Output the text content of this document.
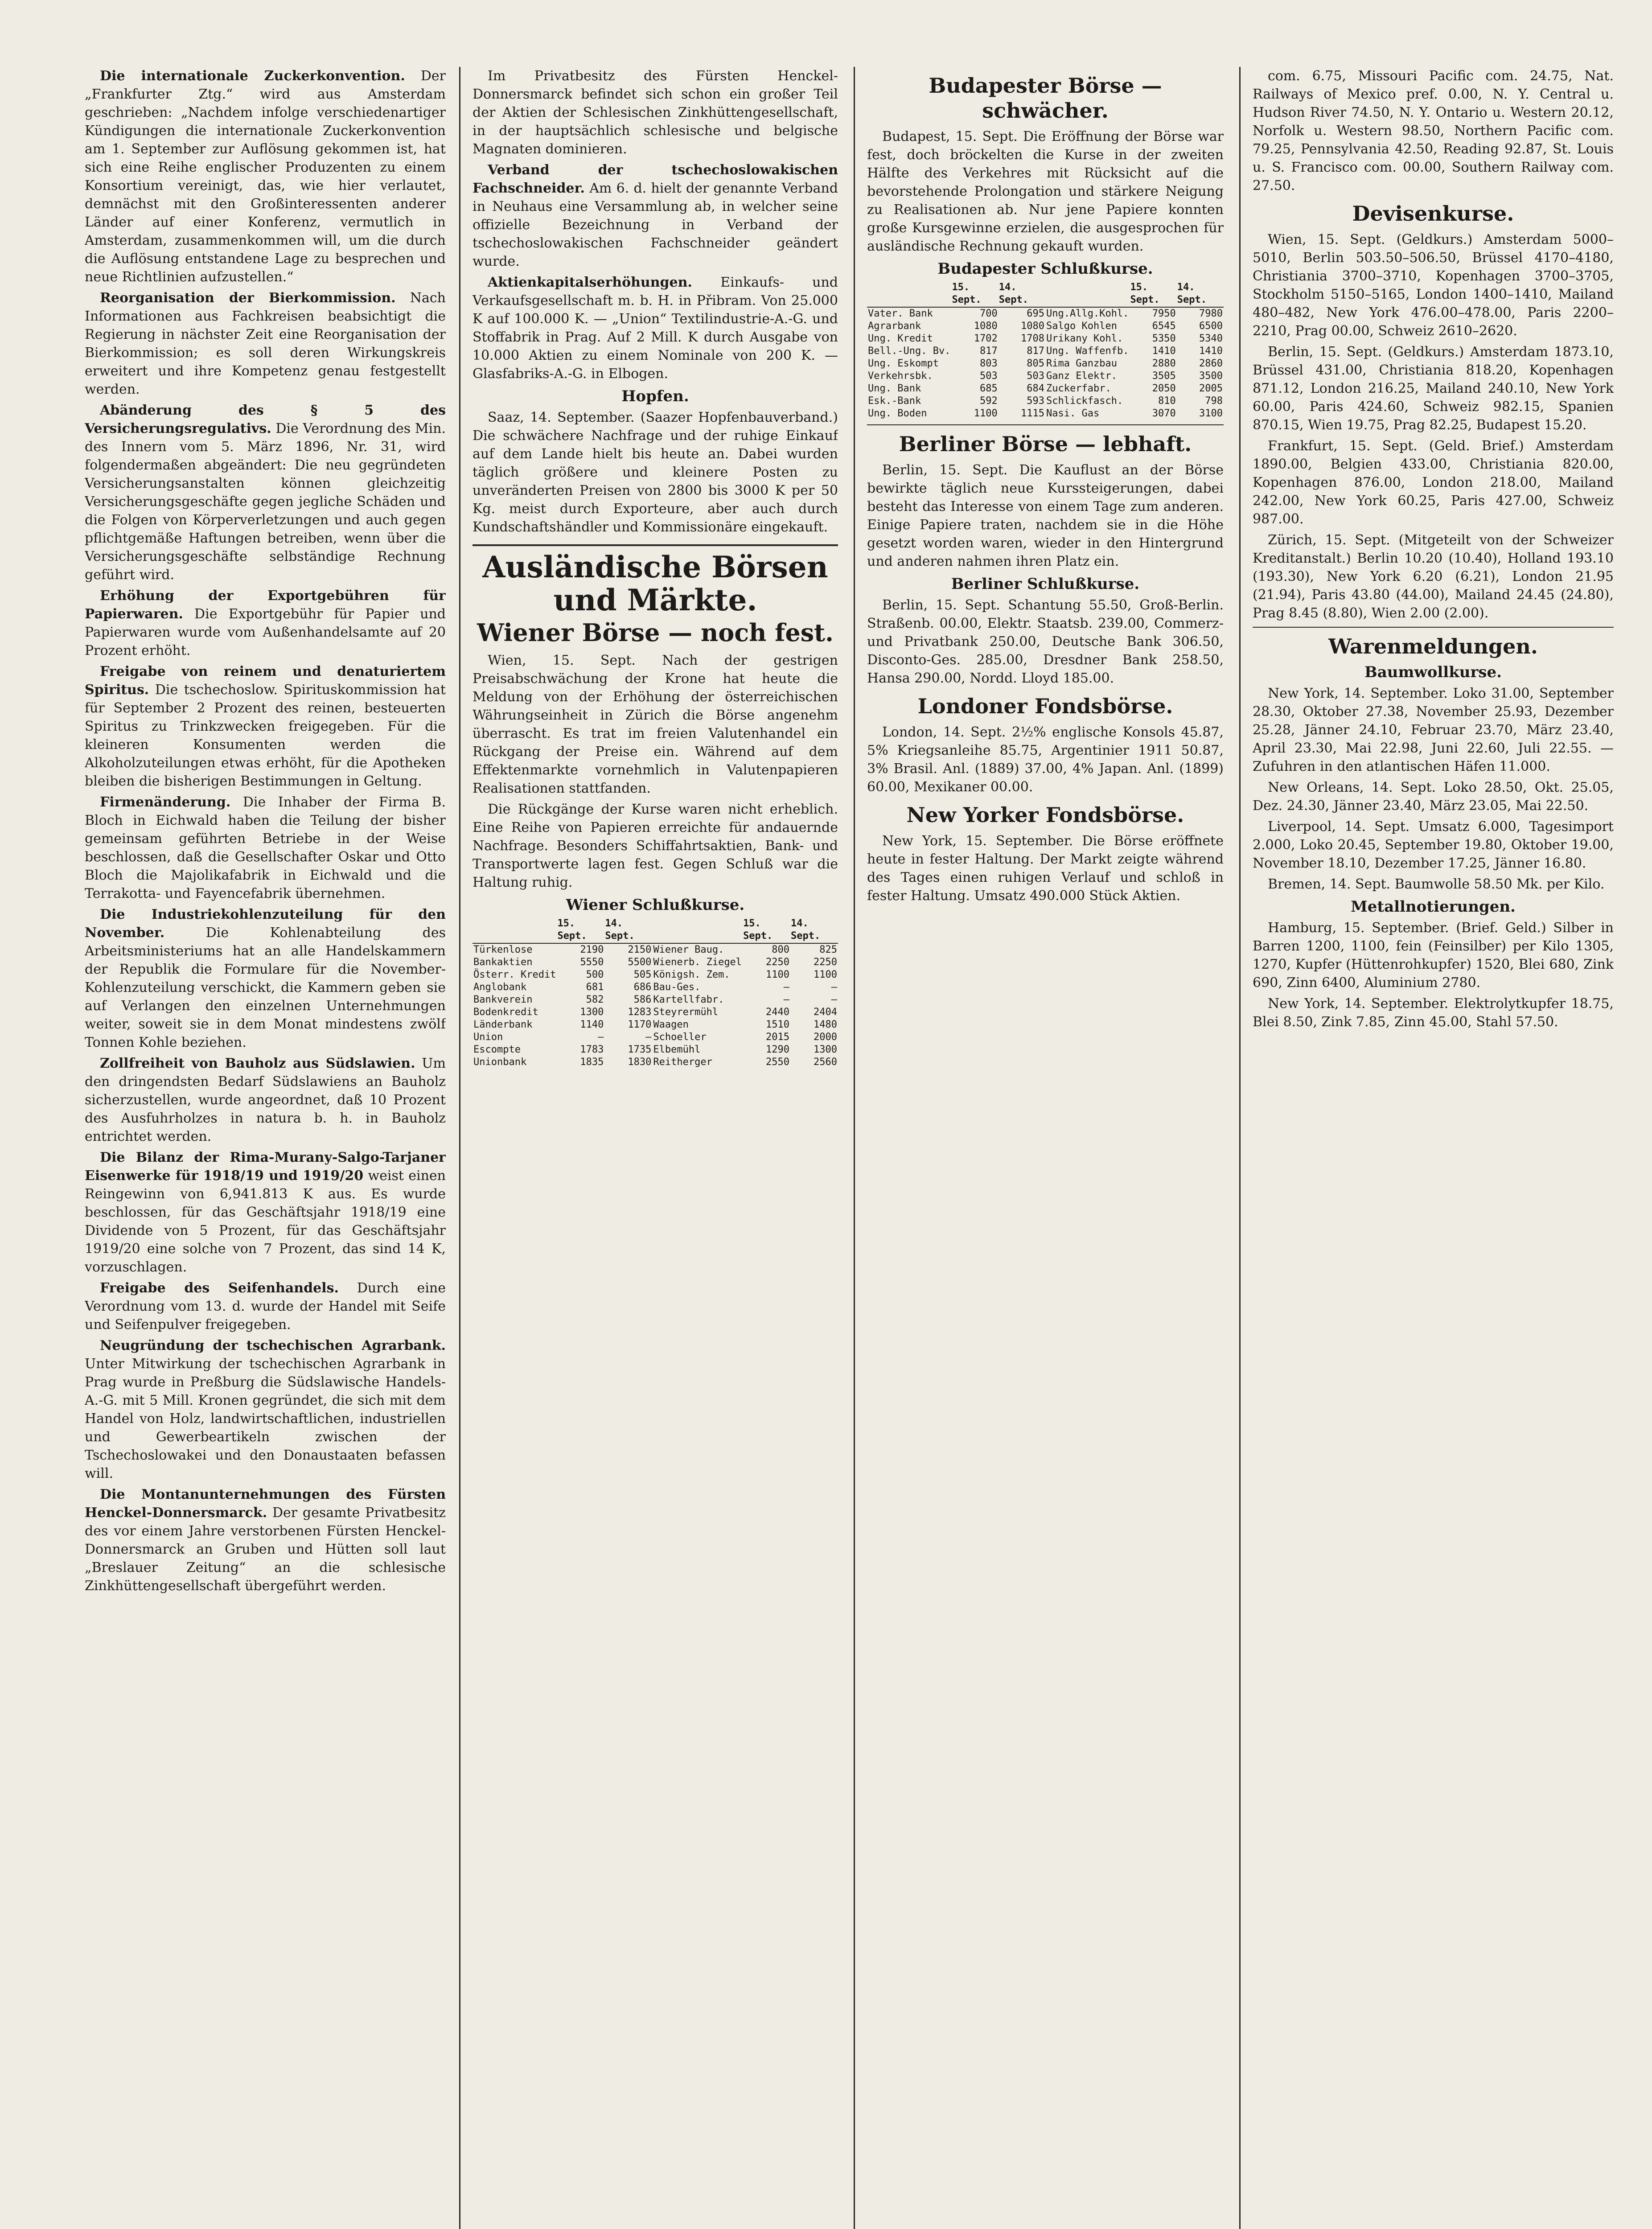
Die internationale Zuckerkonvention. Der „Frankfurter Ztg.“ wird aus Amsterdam geschrieben: „Nachdem infolge verschiedenartiger Kündigungen die internationale Zuckerkonvention am 1. September zur Auflösung gekommen ist, hat sich eine Reihe englischer Produzenten zu einem Konsortium vereinigt, das, wie hier verlautet, demnächst mit den Großinteressenten anderer Länder auf einer Konferenz, vermutlich in Amsterdam, zusammenkommen will, um die durch die Auflösung entstandene Lage zu besprechen und neue Richtlinien aufzustellen.“

Reorganisation der Bierkommission. Nach Informationen aus Fachkreisen beabsichtigt die Regierung in nächster Zeit eine Reorganisation der Bierkommission; es soll deren Wirkungskreis erweitert und ihre Kompetenz genau festgestellt werden.

Abänderung des § 5 des Versicherungsregulativs. Die Verordnung des Min. des Innern vom 5. März 1896, Nr. 31, wird folgendermaßen abgeändert: Die neu gegründeten Versicherungsanstalten können gleichzeitig Versicherungsgeschäfte gegen jegliche Schäden und die Folgen von Körperverletzungen und auch gegen pflichtgemäße Haftungen betreiben, wenn über die Versicherungsgeschäfte selbständige Rechnung geführt wird.

Erhöhung der Exportgebühren für Papierwaren. Die Exportgebühr für Papier und Papierwaren wurde vom Außenhandelsamte auf 20 Prozent erhöht.

Freigabe von reinem und denaturiertem Spiritus. Die tschechoslow. Spirituskommission hat für September 2 Prozent des reinen, besteuerten Spiritus zu Trinkzwecken freigegeben. Für die kleineren Konsumenten werden die Alkoholzuteilungen etwas erhöht, für die Apotheken bleiben die bisherigen Bestimmungen in Geltung.

Firmenänderung. Die Inhaber der Firma B. Bloch in Eichwald haben die Teilung der bisher gemeinsam geführten Betriebe in der Weise beschlossen, daß die Gesellschafter Oskar und Otto Bloch die Majolikafabrik in Eichwald und die Terrakotta- und Fayencefabrik übernehmen.

Die Industriekohlenzuteilung für den November.	Die Kohlenabteilung des Arbeitsministeriums hat an alle Handelskammern der Republik die Formulare für die November-Kohlenzuteilung verschickt, die Kammern geben sie auf Verlangen den einzelnen Unternehmungen weiter, soweit sie in dem Monat mindestens zwölf Tonnen Kohle beziehen.

Zollfreiheit von Bauholz aus Südslawien. Um den dringendsten Bedarf Südslawiens an Bauholz sicherzustellen, wurde angeordnet, daß 10 Prozent des Ausfuhrholzes in natura b. h. in Bauholz entrichtet werden.

Die Bilanz der Rima-Murany-Salgo-Tarjaner Eisenwerke für 1918/19 und 1919/20 weist einen Reingewinn von 6,941.813 K aus. Es wurde beschlossen, für das Geschäftsjahr 1918/19 eine Dividende von 5 Prozent, für das Geschäftsjahr 1919/20 eine solche von 7 Prozent, das sind 14 K, vorzuschlagen.

Freigabe des Seifenhandels. Durch eine Verordnung vom 13. d. wurde der Handel mit Seife und Seifenpulver freigegeben.

Neugründung der tschechischen Agrarbank. Unter Mitwirkung der tschechischen Agrarbank in Prag wurde in Preßburg die Südslawische Handels-A.-G. mit 5 Mill. Kronen gegründet, die sich mit dem Handel von Holz, landwirtschaftlichen, industriellen und Gewerbeartikeln zwischen der Tschechoslowakei und den Donaustaaten befassen will.

Die Montanunternehmungen des Fürsten Henckel-Donnersmarck. Der gesamte Privatbesitz des vor einem Jahre verstorbenen Fürsten Henckel-Donnersmarck an Gruben und Hütten soll laut „Breslauer Zeitung“ an die schlesische Zinkhüttengesellschaft übergeführt werden.

Im Privatbesitz des Fürsten Henckel-Donnersmarck befindet sich schon ein großer Teil der Aktien der Schlesischen Zinkhüttengesellschaft, in der hauptsächlich schlesische und belgische Magnaten dominieren.

Verband der tschechoslowakischen Fachschneider. Am 6. d. hielt der genannte Verband in Neuhaus eine Versammlung ab, in welcher seine offizielle Bezeichnung in Verband der tschechoslowakischen Fachschneider geändert wurde.

Aktienkapitalserhöhungen. Einkaufs- und Verkaufsgesellschaft m. b. H. in Přibram. Von 25.000 K auf 100.000 K. — „Union“ Textilindustrie-A.-G. und Stoffabrik in Prag. Auf 2 Mill. K durch Ausgabe von 10.000 Aktien zu einem Nominale von 200 K. — Glasfabriks-A.-G. in Elbogen.

Hopfen.

Saaz, 14. September. (Saazer Hopfenbauverband.) Die schwächere Nachfrage und der ruhige Einkauf auf dem Lande hielt bis heute an. Dabei wurden täglich größere und kleinere Posten zu unveränderten Preisen von 2800 bis 3000 K per 50 Kg. meist durch Exporteure, aber auch durch Kundschaftshändler und Kommissionäre eingekauft.

Ausländische Börsen und Märkte.
Wiener Börse — noch fest.

Wien, 15. Sept. Nach der gestrigen Preisabschwächung der Krone hat heute die Meldung von der Erhöhung der österreichischen Währungseinheit in Zürich die Börse angenehm überrascht. Es trat im freien Valutenhandel ein Rückgang der Preise ein. Während auf dem Effektenmarkte vornehmlich in Valutenpapieren Realisationen stattfanden.

Die Rückgänge der Kurse waren nicht erheblich. Eine Reihe von Papieren erreichte für andauernde Nachfrage. Besonders Schiffahrtsaktien, Bank- und Transportwerte lagen fest. Gegen Schluß war die Haltung ruhig.

Wiener Schlußkurse.
	15. Sept.	14. Sept.		15. Sept.	14. Sept.
Türkenlose	2190	2150	Wiener Baug.	800	825
Bankaktien	5550	5500	Wienerb. Ziegel	2250	2250
Österr. Kredit	500	505	Königsh. Zem.	1100	1100
Anglobank	681	686	Bau-Ges.	—	—
Bankverein	582	586	Kartellfabr.	—	—
Bodenkredit	1300	1283	Steyrermühl	2440	2404
Länderbank	1140	1170	Waagen	1510	1480
Union	—	—	Schoeller	2015	2000
Escompte	1783	1735	Elbemühl	1290	1300
Unionbank	1835	1830	Reitherger	2550	2560
Budapester Börse — schwächer.

Budapest, 15. Sept. Die Eröffnung der Börse war fest, doch bröckelten die Kurse in der zweiten Hälfte des Verkehres mit Rücksicht auf die bevorstehende Prolongation und stärkere Neigung zu Realisationen ab. Nur jene Papiere konnten große Kursgewinne erzielen, die ausgesprochen für ausländische Rechnung gekauft wurden.

Budapester Schlußkurse.
	15. Sept.	14. Sept.		15. Sept.	14. Sept.
Vater. Bank	700	695	Ung.Allg.Kohl.	7950	7980
Agrarbank	1080	1080	Salgo Kohlen	6545	6500
Ung. Kredit	1702	1708	Urikany Kohl.	5350	5340
Bell.-Ung. Bv.	817	817	Ung. Waffenfb.	1410	1410
Ung. Eskompt	803	805	Rima Ganzbau	2880	2860
Verkehrsbk.	503	503	Ganz Elektr.	3505	3500
Ung. Bank	685	684	Zuckerfabr.	2050	2005
Esk.-Bank	592	593	Schlickfasch.	810	798
Ung. Boden	1100	1115	Nasi. Gas	3070	3100
Berliner Börse — lebhaft.

Berlin, 15. Sept. Die Kauflust an der Börse bewirkte täglich neue Kurssteigerungen, dabei besteht das Interesse von einem Tage zum anderen. Einige Papiere traten, nachdem sie in die Höhe gesetzt worden waren, wieder in den Hintergrund und anderen nahmen ihren Platz ein.

Berliner Schlußkurse.

Berlin, 15. Sept. Schantung 55.50, Groß-Berlin. Straßenb. 00.00, Elektr. Staatsb. 239.00, Commerz- und Privatbank 250.00, Deutsche Bank 306.50, Disconto-Ges. 285.00, Dresdner Bank 258.50, Hansa 290.00, Nordd. Lloyd 185.00.

Londoner Fondsbörse.

London, 14. Sept. 2½% englische Konsols 45.87, 5% Kriegsanleihe 85.75, Argentinier 1911 50.87, 3% Brasil. Anl. (1889) 37.00, 4% Japan. Anl. (1899) 60.00, Mexikaner 00.00.

New Yorker Fondsbörse.

New York, 15. September. Die Börse eröffnete heute in fester Haltung. Der Markt zeigte während des Tages einen ruhigen Verlauf und schloß in fester Haltung. Umsatz 490.000 Stück Aktien.

com. 6.75, Missouri Pacific com. 24.75, Nat. Railways of Mexico pref. 0.00, N. Y. Central u. Hudson River 74.50, N. Y. Ontario u. Western 20.12, Norfolk u. Western 98.50, Northern Pacific com. 79.25, Pennsylvania 42.50, Reading 92.87, St. Louis u. S. Francisco com. 00.00, Southern Railway com. 27.50.

Devisenkurse.

Wien, 15. Sept. (Geldkurs.) Amsterdam 5000–5010, Berlin 503.50–506.50, Brüssel 4170–4180, Christiania 3700–3710, Kopenhagen 3700–3705, Stockholm 5150–5165, London 1400–1410, Mailand 480–482, New York 476.00–478.00, Paris 2200–2210, Prag 00.00, Schweiz 2610–2620.

Berlin, 15. Sept. (Geldkurs.) Amsterdam 1873.10, Brüssel 431.00, Christiania 818.20, Kopenhagen 871.12, London 216.25, Mailand 240.10, New York 60.00, Paris 424.60, Schweiz 982.15, Spanien 870.15, Wien 19.75, Prag 82.25, Budapest 15.20.

Frankfurt, 15. Sept. (Geld. Brief.) Amsterdam 1890.00, Belgien 433.00, Christiania 820.00, Kopenhagen 876.00, London 218.00, Mailand 242.00, New York 60.25, Paris 427.00, Schweiz 987.00.

Zürich, 15. Sept. (Mitgeteilt von der Schweizer Kreditanstalt.) Berlin 10.20 (10.40), Holland 193.10 (193.30), New York 6.20 (6.21), London 21.95 (21.94), Paris 43.80 (44.00), Mailand 24.45 (24.80), Prag 8.45 (8.80), Wien 2.00 (2.00).

Warenmeldungen.
Baumwollkurse.

New York, 14. September. Loko 31.00, September 28.30, Oktober 27.38, November 25.93, Dezember 25.28, Jänner 24.10, Februar 23.70, März 23.40, April 23.30, Mai 22.98, Juni 22.60, Juli 22.55. — Zufuhren in den atlantischen Häfen 11.000.

New Orleans, 14. Sept. Loko 28.50, Okt. 25.05, Dez. 24.30, Jänner 23.40, März 23.05, Mai 22.50.

Liverpool, 14. Sept. Umsatz 6.000, Tagesimport 2.000, Loko 20.45, September 19.80, Oktober 19.00, November 18.10, Dezember 17.25, Jänner 16.80.

Bremen, 14. Sept. Baumwolle 58.50 Mk. per Kilo.

Metallnotierungen.

Hamburg, 15. September. (Brief. Geld.) Silber in Barren 1200, 1100, fein (Feinsilber) per Kilo 1305, 1270, Kupfer (Hüttenrohkupfer) 1520, Blei 680, Zink 690, Zinn 6400, Aluminium 2780.

New York, 14. September. Elektrolytkupfer 18.75, Blei 8.50, Zink 7.85, Zinn 45.00, Stahl 57.50.
